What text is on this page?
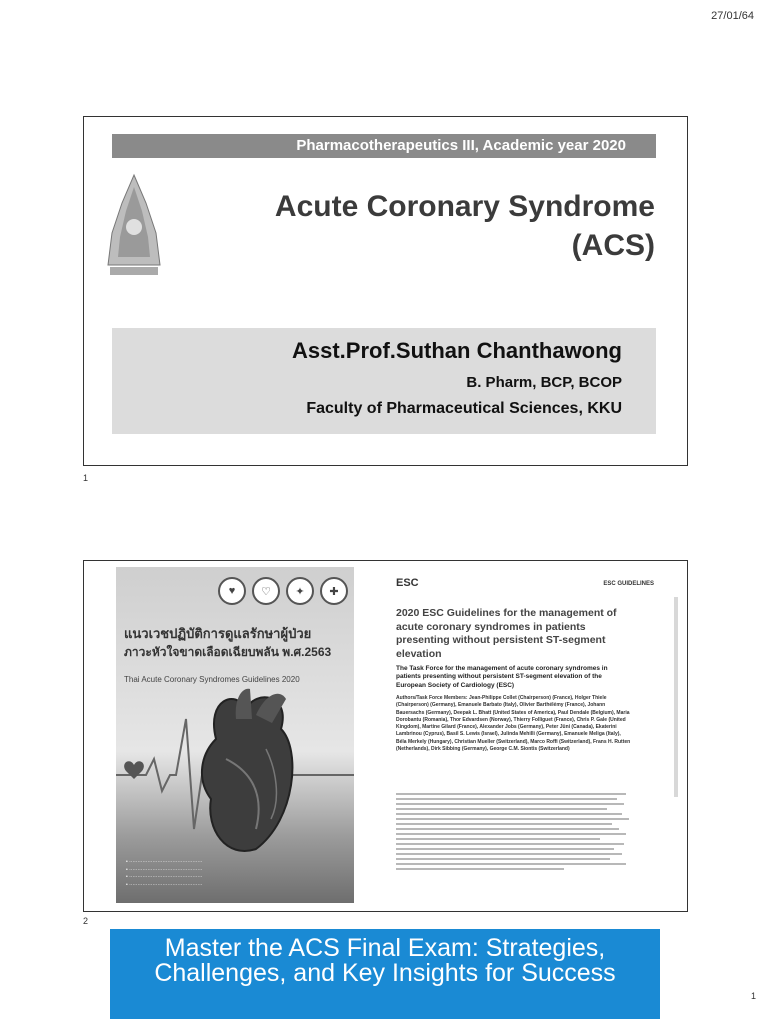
27/01/64
Pharmacotherapeutics III, Academic year 2020
Acute Coronary Syndrome
(ACS)
Asst.Prof.Suthan Chanthawong
B. Pharm, BCP, BCOP
Faculty of Pharmaceutical Sciences, KKU
1
♥	♡	✦	✚
แนวเวชปฏิบัติการดูแลรักษาผู้ป่วย
ภาวะหัวใจขาดเลือดเฉียบพลัน พ.ศ.2563
Thai Acute Coronary Syndromes Guidelines 2020
• ············································
• ············································
• ············································
• ············································
ESC	ESC GUIDELINES
2020 ESC Guidelines for the management of acute coronary syndromes in patients presenting without persistent ST-segment elevation
The Task Force for the management of acute coronary syndromes in patients presenting without persistent ST-segment elevation of the European Society of Cardiology (ESC)
Authors/Task Force Members: Jean-Philippe Collet (Chairperson) (France), Holger Thiele (Chairperson) (Germany), Emanuele Barbato (Italy), Olivier Barthélémy (France), Johann Bauersachs (Germany), Deepak L. Bhatt (United States of America), Paul Dendale (Belgium), Maria Dorobantu (Romania), Thor Edvardsen (Norway), Thierry Folliguet (France), Chris P. Gale (United Kingdom), Martine Gilard (France), Alexander Jobs (Germany), Peter Jüni (Canada), Ekaterini Lambrinou (Cyprus), Basil S. Lewis (Israel), Julinda Mehilli (Germany), Emanuele Meliga (Italy), Béla Merkely (Hungary), Christian Mueller (Switzerland), Marco Roffi (Switzerland), Frans H. Rutten (Netherlands), Dirk Sibbing (Germany), George C.M. Siontis (Switzerland)
2
Master the ACS Final Exam: Strategies, Challenges, and Key Insights for Success
1
